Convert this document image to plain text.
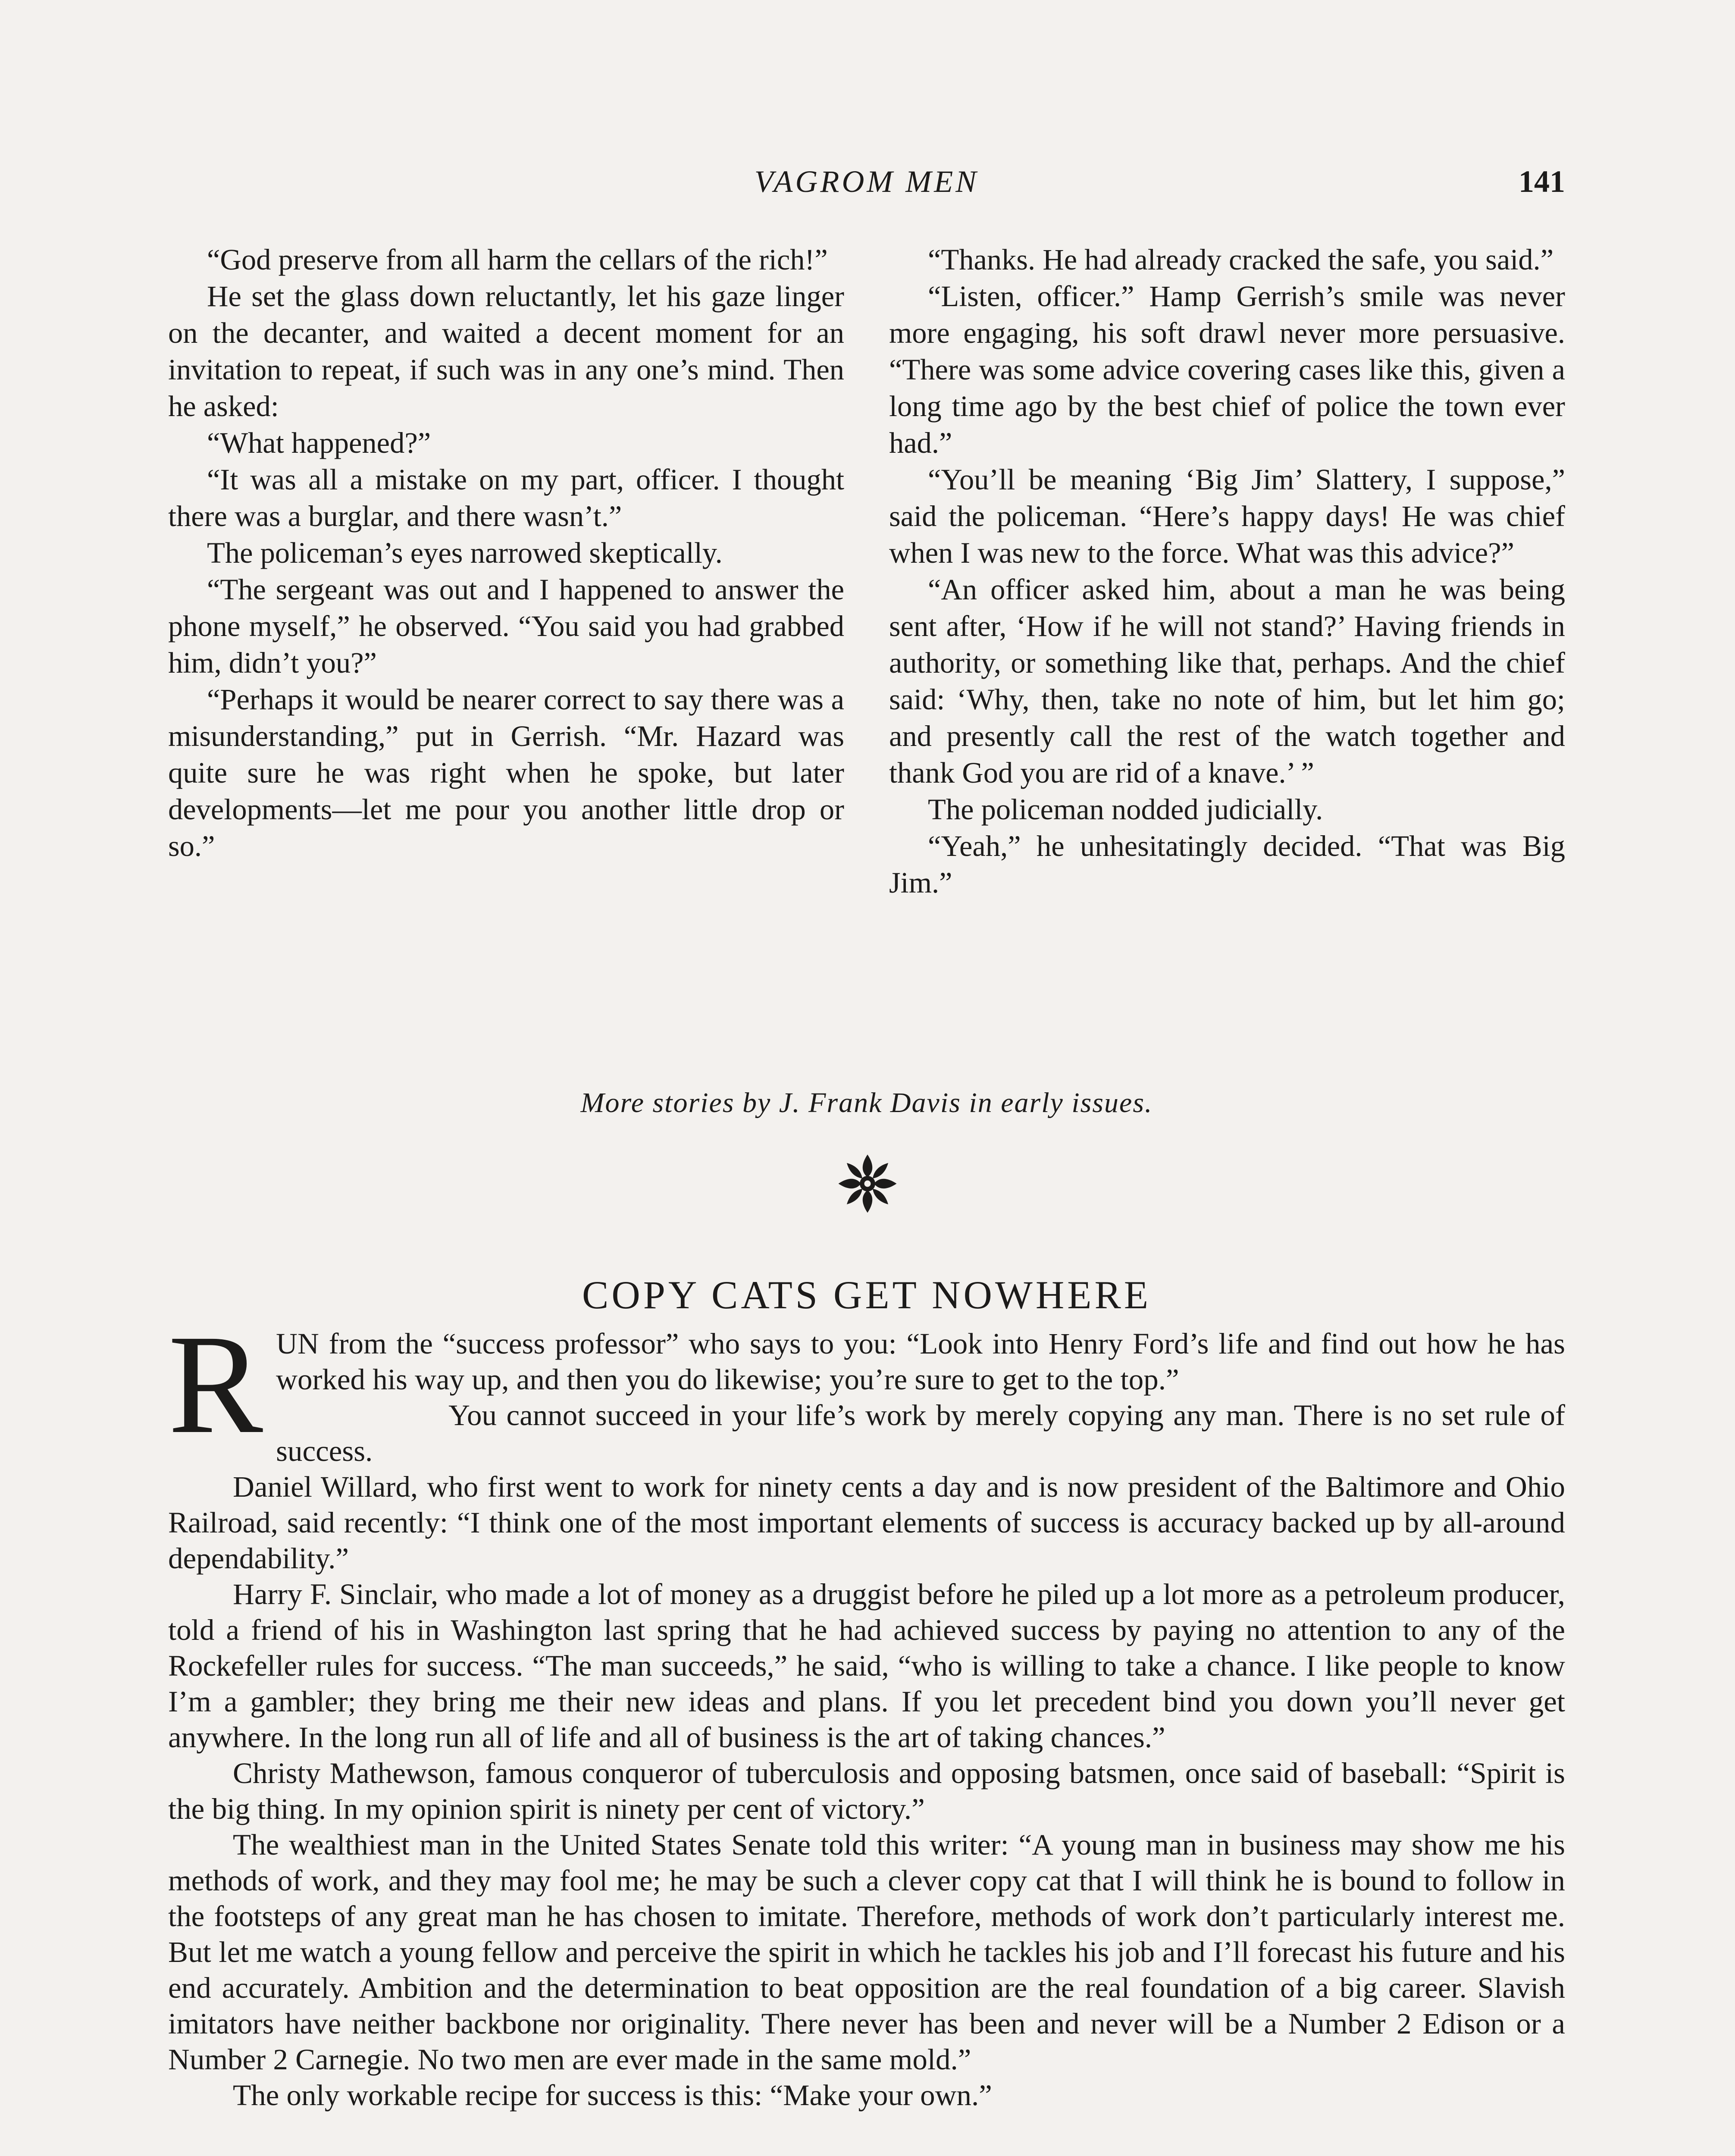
VAGROM MEN	141

“God preserve from all harm the cellars of the rich!”

He set the glass down reluctantly, let his gaze linger on the decanter, and waited a decent moment for an invitation to repeat, if such was in any one’s mind. Then he asked:

“What happened?”

“It was all a mistake on my part, officer. I thought there was a burglar, and there wasn’t.”

The policeman’s eyes narrowed skeptically.

“The sergeant was out and I happened to answer the phone myself,” he observed. “You said you had grabbed him, didn’t you?”

“Perhaps it would be nearer correct to say there was a misunderstanding,” put in Gerrish. “Mr. Hazard was quite sure he was right when he spoke, but later developments—let me pour you another little drop or so.”

“Thanks. He had already cracked the safe, you said.”

“Listen, officer.” Hamp Gerrish’s smile was never more engaging, his soft drawl never more persuasive. “There was some advice covering cases like this, given a long time ago by the best chief of police the town ever had.”

“You’ll be meaning ‘Big Jim’ Slattery, I suppose,” said the policeman. “Here’s happy days! He was chief when I was new to the force. What was this advice?”

“An officer asked him, about a man he was being sent after, ‘How if he will not stand?’ Having friends in authority, or something like that, perhaps. And the chief said: ‘Why, then, take no note of him, but let him go; and presently call the rest of the watch together and thank God you are rid of a knave.’ ”

The policeman nodded judicially.

“Yeah,” he unhesitatingly decided. “That was Big Jim.”

More stories by J. Frank Davis in early issues.
COPY CATS GET NOWHERE

RUN from the “success professor” who says to you: “Look into Henry Ford’s life and find out how he has worked his way up, and then you do likewise; you’re sure to get to the top.”

You cannot succeed in your life’s work by merely copying any man. There is no set rule of success.

Daniel Willard, who first went to work for ninety cents a day and is now president of the Baltimore and Ohio Railroad, said recently: “I think one of the most important elements of success is accuracy backed up by all-around dependability.”

Harry F. Sinclair, who made a lot of money as a druggist before he piled up a lot more as a petroleum producer, told a friend of his in Washington last spring that he had achieved success by paying no attention to any of the Rockefeller rules for success. “The man succeeds,” he said, “who is willing to take a chance. I like people to know I’m a gambler; they bring me their new ideas and plans. If you let precedent bind you down you’ll never get anywhere. In the long run all of life and all of business is the art of taking chances.”

Christy Mathewson, famous conqueror of tuberculosis and opposing batsmen, once said of baseball: “Spirit is the big thing. In my opinion spirit is ninety per cent of victory.”

The wealthiest man in the United States Senate told this writer: “A young man in business may show me his methods of work, and they may fool me; he may be such a clever copy cat that I will think he is bound to follow in the footsteps of any great man he has chosen to imitate. Therefore, methods of work don’t particularly interest me. But let me watch a young fellow and perceive the spirit in which he tackles his job and I’ll forecast his future and his end accurately. Ambition and the determination to beat opposition are the real foundation of a big career. Slavish imitators have neither backbone nor originality. There never has been and never will be a Number 2 Edison or a Number 2 Carnegie. No two men are ever made in the same mold.”

The only workable recipe for success is this: “Make your own.”
